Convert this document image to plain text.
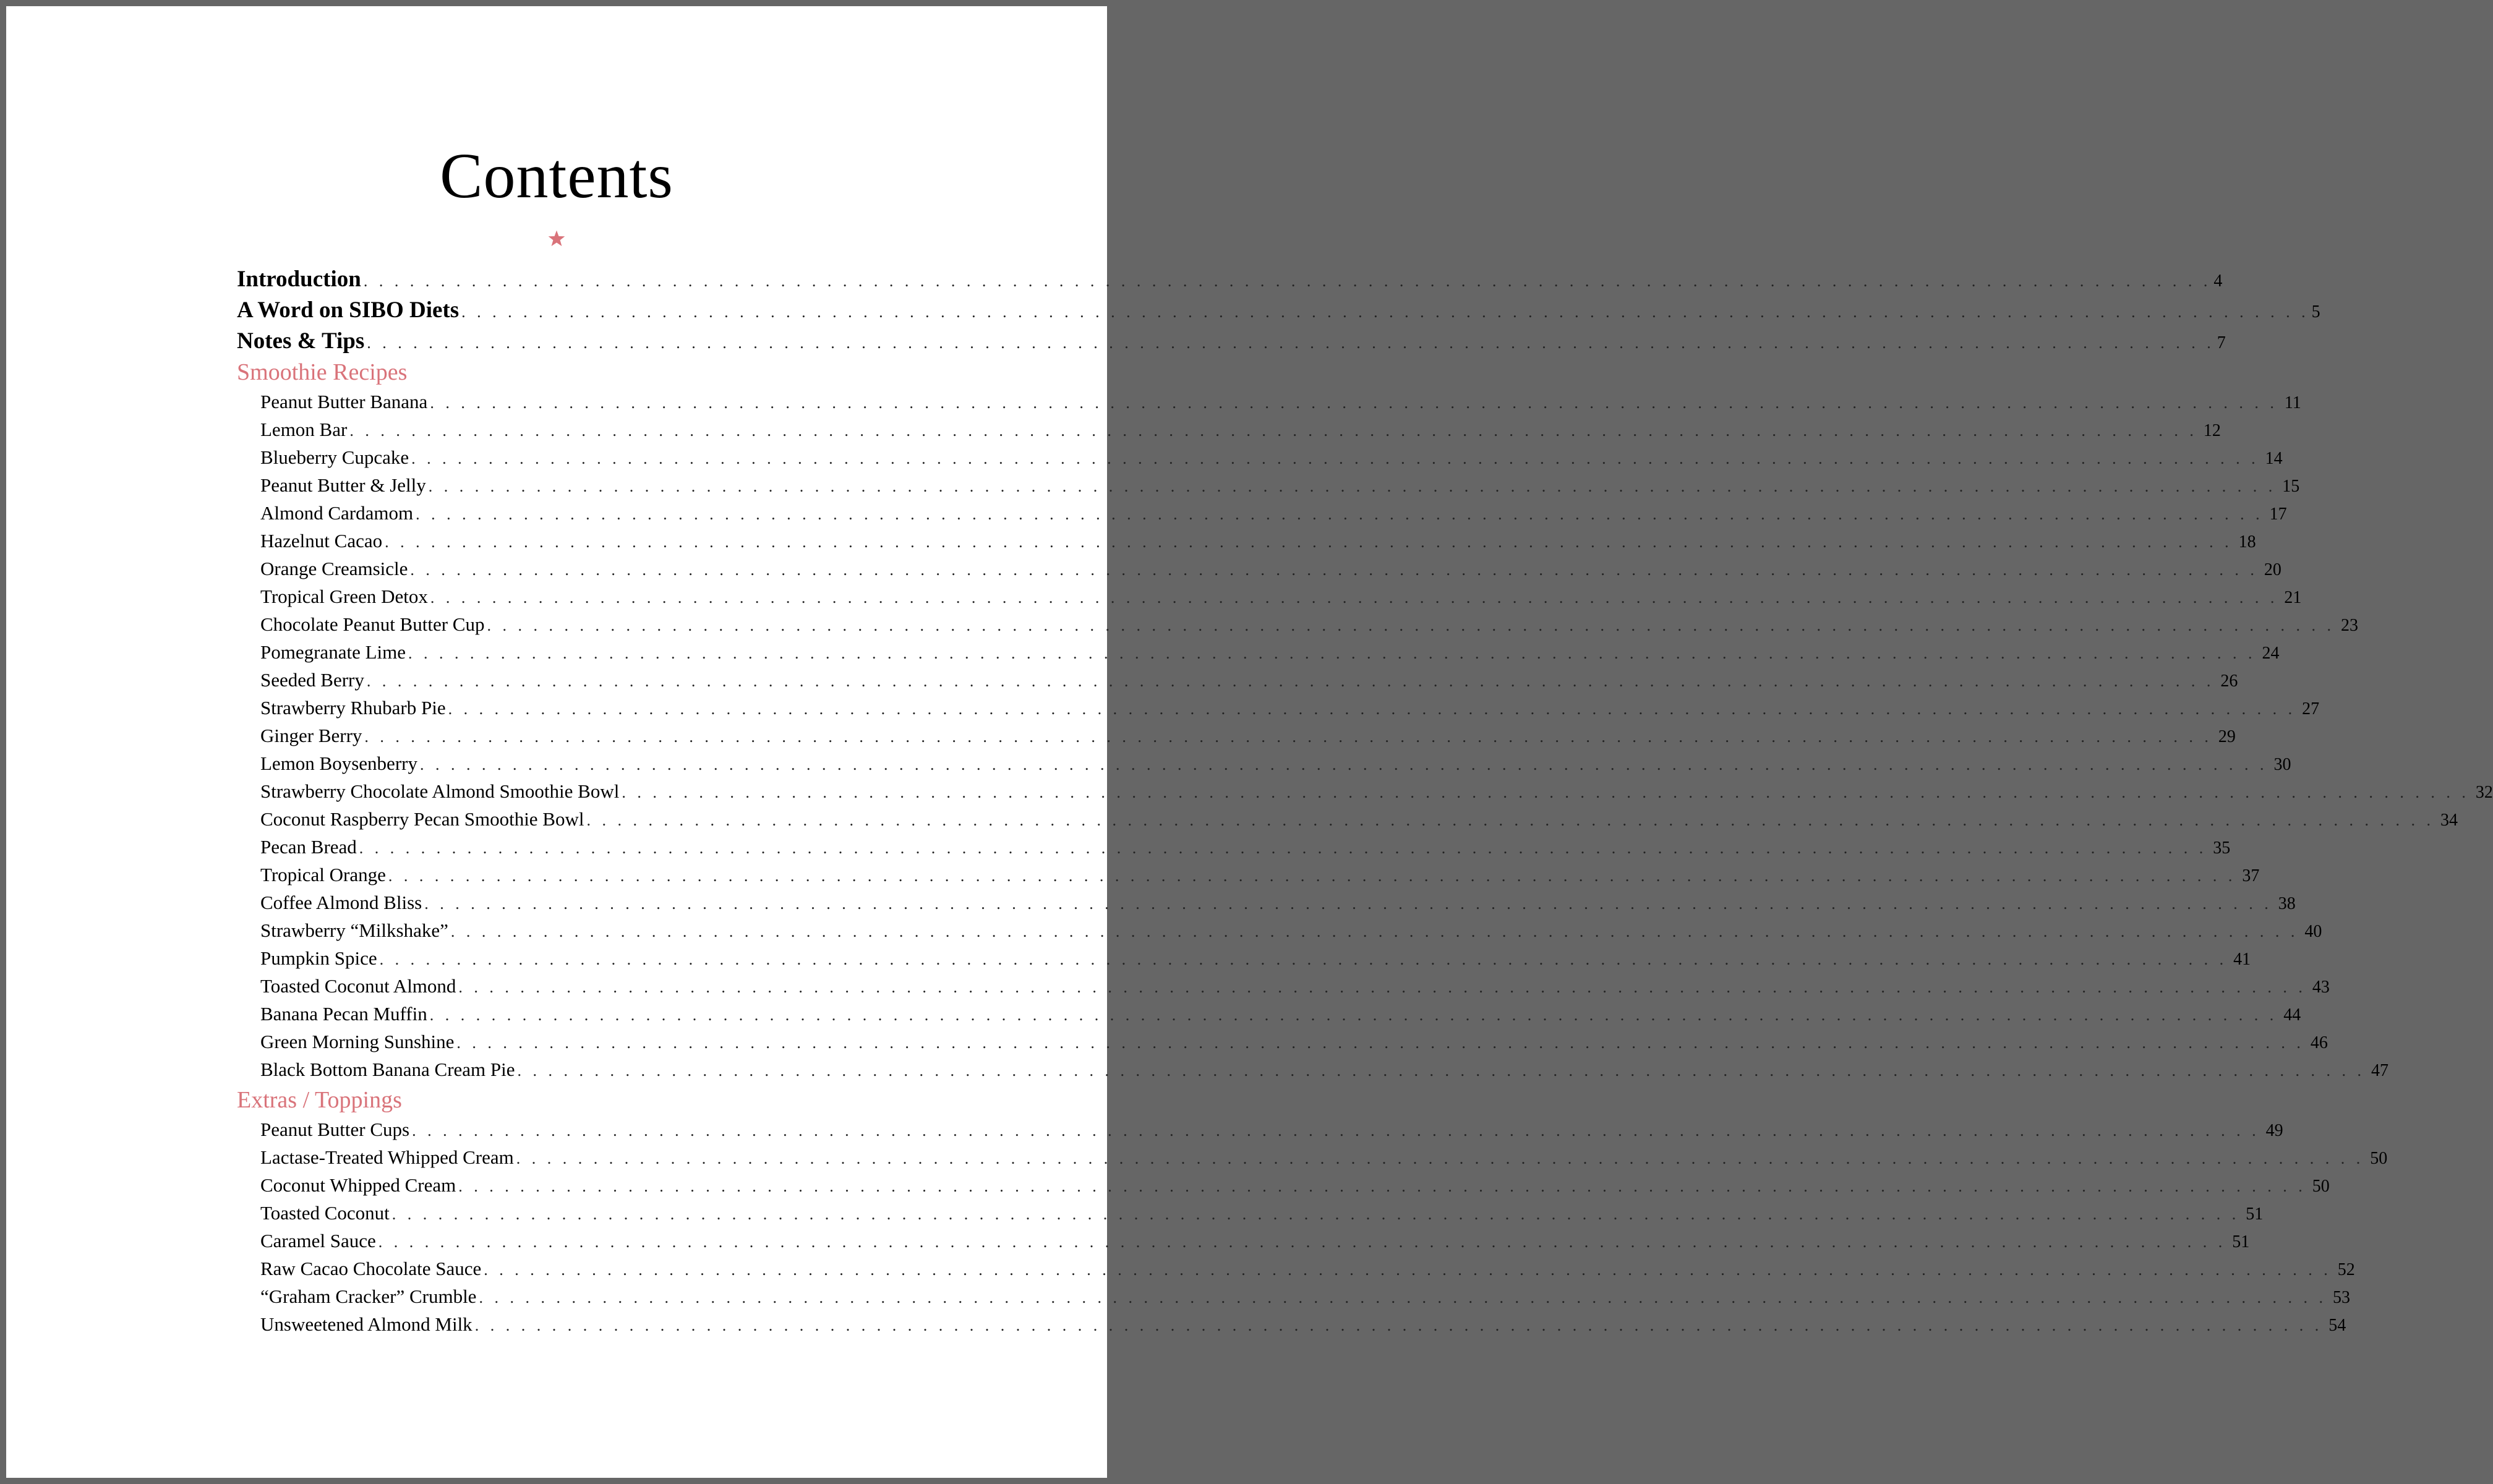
Contents
Introduction . . . . . . . . . . . . . . . . . . . . . . . . . . . . . . . . . . . . . . . . . . . . . . . . . . . . . . . . . . . . . . . . . . . . . . . . . . . . . . . . . . . . . . . . . . . . . . . . . . . . . . . . . . . . . . . . . . . . . . . . 4
A Word on SIBO Diets . . . . . . . . . . . . . . . . . . . . . . . . . . . . . . . . . . . . . . . . . . . . . . . . . . . . . . . . . . . . . . . . . . . . . . . . . . . . . . . . . . . . . . . . . . . . . . . . . . . . . . . . . . . . . . . . . . . . . . . . 5
Notes & Tips . . . . . . . . . . . . . . . . . . . . . . . . . . . . . . . . . . . . . . . . . . . . . . . . . . . . . . . . . . . . . . . . . . . . . . . . . . . . . . . . . . . . . . . . . . . . . . . . . . . . . . . . . . . . . . . . . . . . . . . . 7
Smoothie Recipes
Peanut Butter Banana . . . . . . . . . . . . . . . . . . . . . . . . . . . . . . . . . . . . . . . . . . . . . . . . . . . . . . . . . . . . . . . . . . . . . . . . . . . . . . . . . . . . . . . . . . . . . . . . . . . . . . . . . . . . . . . . . . . . . . . . 11
Lemon Bar . . . . . . . . . . . . . . . . . . . . . . . . . . . . . . . . . . . . . . . . . . . . . . . . . . . . . . . . . . . . . . . . . . . . . . . . . . . . . . . . . . . . . . . . . . . . . . . . . . . . . . . . . . . . . . . . . . . . . . . . 12
Blueberry Cupcake . . . . . . . . . . . . . . . . . . . . . . . . . . . . . . . . . . . . . . . . . . . . . . . . . . . . . . . . . . . . . . . . . . . . . . . . . . . . . . . . . . . . . . . . . . . . . . . . . . . . . . . . . . . . . . . . . . . . . . . . 14
Peanut Butter & Jelly . . . . . . . . . . . . . . . . . . . . . . . . . . . . . . . . . . . . . . . . . . . . . . . . . . . . . . . . . . . . . . . . . . . . . . . . . . . . . . . . . . . . . . . . . . . . . . . . . . . . . . . . . . . . . . . . . . . . . . . . 15
Almond Cardamom . . . . . . . . . . . . . . . . . . . . . . . . . . . . . . . . . . . . . . . . . . . . . . . . . . . . . . . . . . . . . . . . . . . . . . . . . . . . . . . . . . . . . . . . . . . . . . . . . . . . . . . . . . . . . . . . . . . . . . . . 17
Hazelnut Cacao . . . . . . . . . . . . . . . . . . . . . . . . . . . . . . . . . . . . . . . . . . . . . . . . . . . . . . . . . . . . . . . . . . . . . . . . . . . . . . . . . . . . . . . . . . . . . . . . . . . . . . . . . . . . . . . . . . . . . . . . 18
Orange Creamsicle . . . . . . . . . . . . . . . . . . . . . . . . . . . . . . . . . . . . . . . . . . . . . . . . . . . . . . . . . . . . . . . . . . . . . . . . . . . . . . . . . . . . . . . . . . . . . . . . . . . . . . . . . . . . . . . . . . . . . . . . 20
Tropical Green Detox . . . . . . . . . . . . . . . . . . . . . . . . . . . . . . . . . . . . . . . . . . . . . . . . . . . . . . . . . . . . . . . . . . . . . . . . . . . . . . . . . . . . . . . . . . . . . . . . . . . . . . . . . . . . . . . . . . . . . . . . 21
Chocolate Peanut Butter Cup . . . . . . . . . . . . . . . . . . . . . . . . . . . . . . . . . . . . . . . . . . . . . . . . . . . . . . . . . . . . . . . . . . . . . . . . . . . . . . . . . . . . . . . . . . . . . . . . . . . . . . . . . . . . . . . . . . . . . . . . 23
Pomegranate Lime . . . . . . . . . . . . . . . . . . . . . . . . . . . . . . . . . . . . . . . . . . . . . . . . . . . . . . . . . . . . . . . . . . . . . . . . . . . . . . . . . . . . . . . . . . . . . . . . . . . . . . . . . . . . . . . . . . . . . . . . 24
Seeded Berry . . . . . . . . . . . . . . . . . . . . . . . . . . . . . . . . . . . . . . . . . . . . . . . . . . . . . . . . . . . . . . . . . . . . . . . . . . . . . . . . . . . . . . . . . . . . . . . . . . . . . . . . . . . . . . . . . . . . . . . . 26
Strawberry Rhubarb Pie . . . . . . . . . . . . . . . . . . . . . . . . . . . . . . . . . . . . . . . . . . . . . . . . . . . . . . . . . . . . . . . . . . . . . . . . . . . . . . . . . . . . . . . . . . . . . . . . . . . . . . . . . . . . . . . . . . . . . . . . 27
Ginger Berry . . . . . . . . . . . . . . . . . . . . . . . . . . . . . . . . . . . . . . . . . . . . . . . . . . . . . . . . . . . . . . . . . . . . . . . . . . . . . . . . . . . . . . . . . . . . . . . . . . . . . . . . . . . . . . . . . . . . . . . . 29
Lemon Boysenberry . . . . . . . . . . . . . . . . . . . . . . . . . . . . . . . . . . . . . . . . . . . . . . . . . . . . . . . . . . . . . . . . . . . . . . . . . . . . . . . . . . . . . . . . . . . . . . . . . . . . . . . . . . . . . . . . . . . . . . . . 30
Strawberry Chocolate Almond Smoothie Bowl . . . . . . . . . . . . . . . . . . . . . . . . . . . . . . . . . . . . . . . . . . . . . . . . . . . . . . . . . . . . . . . . . . . . . . . . . . . . . . . . . . . . . . . . . . . . . . . . . . . . . . . . . . . . . . . . . . . . . . . . 32
Coconut Raspberry Pecan Smoothie Bowl . . . . . . . . . . . . . . . . . . . . . . . . . . . . . . . . . . . . . . . . . . . . . . . . . . . . . . . . . . . . . . . . . . . . . . . . . . . . . . . . . . . . . . . . . . . . . . . . . . . . . . . . . . . . . . . . . . . . . . . . 34
Pecan Bread . . . . . . . . . . . . . . . . . . . . . . . . . . . . . . . . . . . . . . . . . . . . . . . . . . . . . . . . . . . . . . . . . . . . . . . . . . . . . . . . . . . . . . . . . . . . . . . . . . . . . . . . . . . . . . . . . . . . . . . . 35
Tropical Orange . . . . . . . . . . . . . . . . . . . . . . . . . . . . . . . . . . . . . . . . . . . . . . . . . . . . . . . . . . . . . . . . . . . . . . . . . . . . . . . . . . . . . . . . . . . . . . . . . . . . . . . . . . . . . . . . . . . . . . . . 37
Coffee Almond Bliss . . . . . . . . . . . . . . . . . . . . . . . . . . . . . . . . . . . . . . . . . . . . . . . . . . . . . . . . . . . . . . . . . . . . . . . . . . . . . . . . . . . . . . . . . . . . . . . . . . . . . . . . . . . . . . . . . . . . . . . . 38
Strawberry “Milkshake” . . . . . . . . . . . . . . . . . . . . . . . . . . . . . . . . . . . . . . . . . . . . . . . . . . . . . . . . . . . . . . . . . . . . . . . . . . . . . . . . . . . . . . . . . . . . . . . . . . . . . . . . . . . . . . . . . . . . . . . . 40
Pumpkin Spice . . . . . . . . . . . . . . . . . . . . . . . . . . . . . . . . . . . . . . . . . . . . . . . . . . . . . . . . . . . . . . . . . . . . . . . . . . . . . . . . . . . . . . . . . . . . . . . . . . . . . . . . . . . . . . . . . . . . . . . . 41
Toasted Coconut Almond . . . . . . . . . . . . . . . . . . . . . . . . . . . . . . . . . . . . . . . . . . . . . . . . . . . . . . . . . . . . . . . . . . . . . . . . . . . . . . . . . . . . . . . . . . . . . . . . . . . . . . . . . . . . . . . . . . . . . . . . 43
Banana Pecan Muffin . . . . . . . . . . . . . . . . . . . . . . . . . . . . . . . . . . . . . . . . . . . . . . . . . . . . . . . . . . . . . . . . . . . . . . . . . . . . . . . . . . . . . . . . . . . . . . . . . . . . . . . . . . . . . . . . . . . . . . . . 44
Green Morning Sunshine . . . . . . . . . . . . . . . . . . . . . . . . . . . . . . . . . . . . . . . . . . . . . . . . . . . . . . . . . . . . . . . . . . . . . . . . . . . . . . . . . . . . . . . . . . . . . . . . . . . . . . . . . . . . . . . . . . . . . . . . 46
Black Bottom Banana Cream Pie . . . . . . . . . . . . . . . . . . . . . . . . . . . . . . . . . . . . . . . . . . . . . . . . . . . . . . . . . . . . . . . . . . . . . . . . . . . . . . . . . . . . . . . . . . . . . . . . . . . . . . . . . . . . . . . . . . . . . . . . 47
Extras / Toppings
Peanut Butter Cups . . . . . . . . . . . . . . . . . . . . . . . . . . . . . . . . . . . . . . . . . . . . . . . . . . . . . . . . . . . . . . . . . . . . . . . . . . . . . . . . . . . . . . . . . . . . . . . . . . . . . . . . . . . . . . . . . . . . . . . . 49
Lactase-Treated Whipped Cream . . . . . . . . . . . . . . . . . . . . . . . . . . . . . . . . . . . . . . . . . . . . . . . . . . . . . . . . . . . . . . . . . . . . . . . . . . . . . . . . . . . . . . . . . . . . . . . . . . . . . . . . . . . . . . . . . . . . . . . . 50
Coconut Whipped Cream . . . . . . . . . . . . . . . . . . . . . . . . . . . . . . . . . . . . . . . . . . . . . . . . . . . . . . . . . . . . . . . . . . . . . . . . . . . . . . . . . . . . . . . . . . . . . . . . . . . . . . . . . . . . . . . . . . . . . . . . 50
Toasted Coconut . . . . . . . . . . . . . . . . . . . . . . . . . . . . . . . . . . . . . . . . . . . . . . . . . . . . . . . . . . . . . . . . . . . . . . . . . . . . . . . . . . . . . . . . . . . . . . . . . . . . . . . . . . . . . . . . . . . . . . . . 51
Caramel Sauce . . . . . . . . . . . . . . . . . . . . . . . . . . . . . . . . . . . . . . . . . . . . . . . . . . . . . . . . . . . . . . . . . . . . . . . . . . . . . . . . . . . . . . . . . . . . . . . . . . . . . . . . . . . . . . . . . . . . . . . . 51
Raw Cacao Chocolate Sauce . . . . . . . . . . . . . . . . . . . . . . . . . . . . . . . . . . . . . . . . . . . . . . . . . . . . . . . . . . . . . . . . . . . . . . . . . . . . . . . . . . . . . . . . . . . . . . . . . . . . . . . . . . . . . . . . . . . . . . . . 52
“Graham Cracker” Crumble . . . . . . . . . . . . . . . . . . . . . . . . . . . . . . . . . . . . . . . . . . . . . . . . . . . . . . . . . . . . . . . . . . . . . . . . . . . . . . . . . . . . . . . . . . . . . . . . . . . . . . . . . . . . . . . . . . . . . . . . 53
Unsweetened Almond Milk . . . . . . . . . . . . . . . . . . . . . . . . . . . . . . . . . . . . . . . . . . . . . . . . . . . . . . . . . . . . . . . . . . . . . . . . . . . . . . . . . . . . . . . . . . . . . . . . . . . . . . . . . . . . . . . . . . . . . . . . 54
